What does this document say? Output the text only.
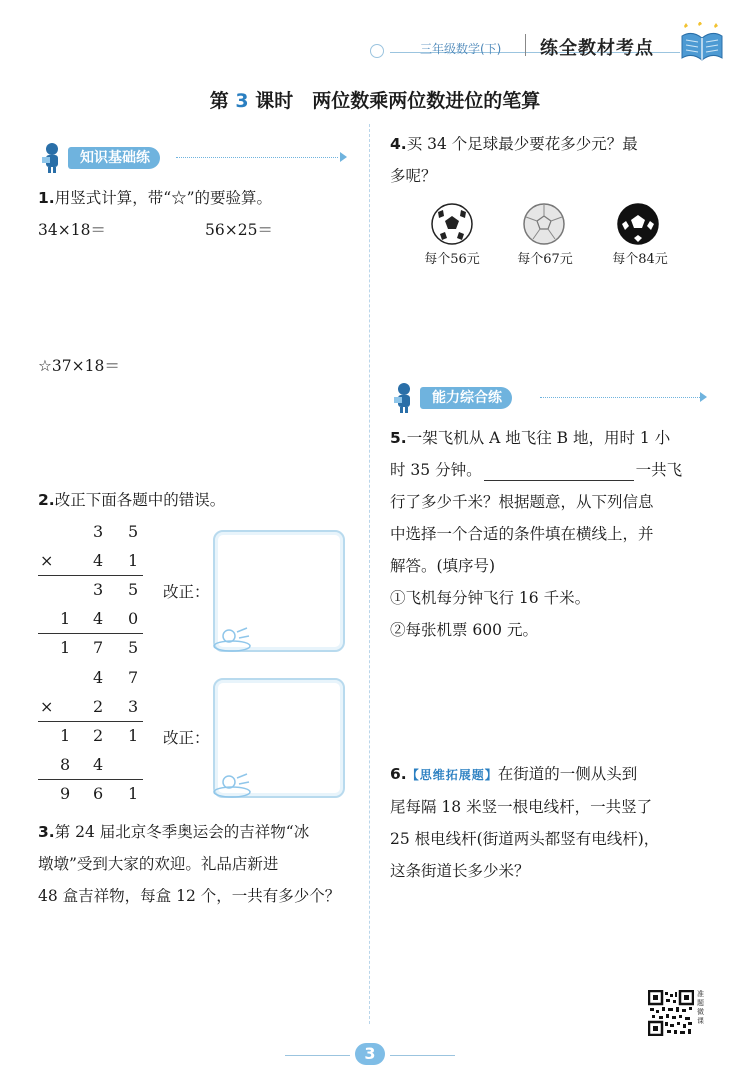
三年级数学(下) 练全教材考点
第 3 课时　两位数乘两位数进位的笔算
知识基础练
1.用竖式计算，带“☆”的要验算。
34×18＝	56×25＝
☆37×18＝
2.改正下面各题中的错误。
3 5
× 4 1
3 5
1 4 0
1 7 5
改正：
4 7
× 2 3
1 2 1
8 4
9 6 1
改正：
3.第 24 届北京冬季奥运会的吉祥物“冰
墩墩”受到大家的欢迎。礼品店新进
48 盒吉祥物，每盒 12 个，一共有多少个？
4.买 34 个足球最少要花多少元？最
多呢？
每个56元	每个67元	每个84元
能力综合练
5.一架飞机从 A 地飞往 B 地，用时 1 小
时 35 分钟。	一共飞
行了多少千米？根据题意，从下列信息
中选择一个合适的条件填在横线上，并
解答。(填序号)
①飞机每分钟飞行 16 千米。
②每张机票 600 元。
6.【思维拓展题】在街道的一侧从头到
尾每隔 18 米竖一根电线杆，一共竖了
25 根电线杆(街道两头都竖有电线杆)，
这条街道长多少米？
准题微课
3
